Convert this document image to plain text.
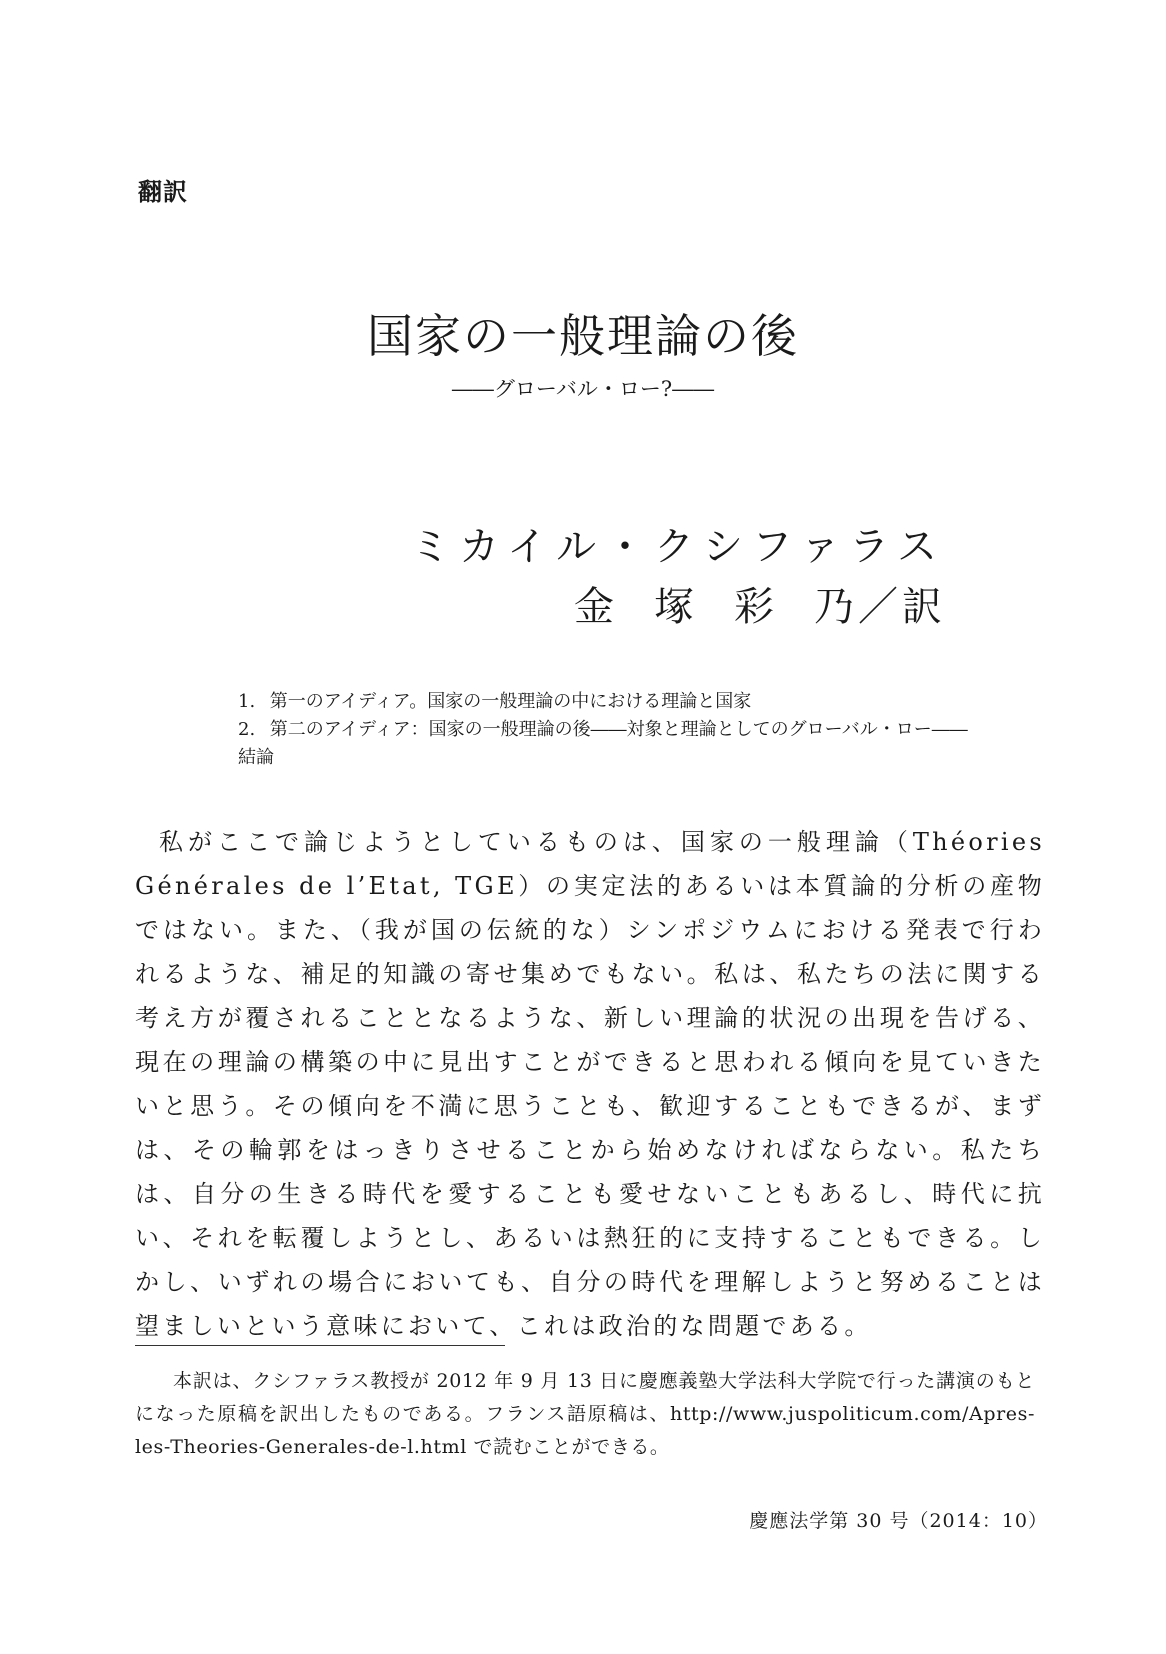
翻訳
国家の一般理論の後
――グローバル・ロー?――
ミカイル・クシファラス
金 塚 彩 乃／訳
1. 第一のアイディア。国家の一般理論の中における理論と国家
2. 第二のアイディア：国家の一般理論の後――対象と理論としてのグローバル・ロー――
結論
私がここで論じようとしているものは、国家の一般理論（Théories Générales de l’Etat, TGE）の実定法的あるいは本質論的分析の産物ではない。また、（我が国の伝統的な）シンポジウムにおける発表で行われるような、補足的知識の寄せ集めでもない。私は、私たちの法に関する考え方が覆されることとなるような、新しい理論的状況の出現を告げる、現在の理論の構築の中に見出すことができると思われる傾向を見ていきたいと思う。その傾向を不満に思うことも、歓迎することもできるが、まずは、その輪郭をはっきりさせることから始めなければならない。私たちは、自分の生きる時代を愛することも愛せないこともあるし、時代に抗い、それを転覆しようとし、あるいは熱狂的に支持することもできる。しかし、いずれの場合においても、自分の時代を理解しようと努めることは望ましいという意味において、これは政治的な問題である。
本訳は、クシファラス教授が 2012 年 9 月 13 日に慶應義塾大学法科大学院で行った講演のもとになった原稿を訳出したものである。フランス語原稿は、http://www.juspoliticum.com/Apres-les-Theories-Generales-de-l.html で読むことができる。
慶應法学第 30 号（2014：10）
